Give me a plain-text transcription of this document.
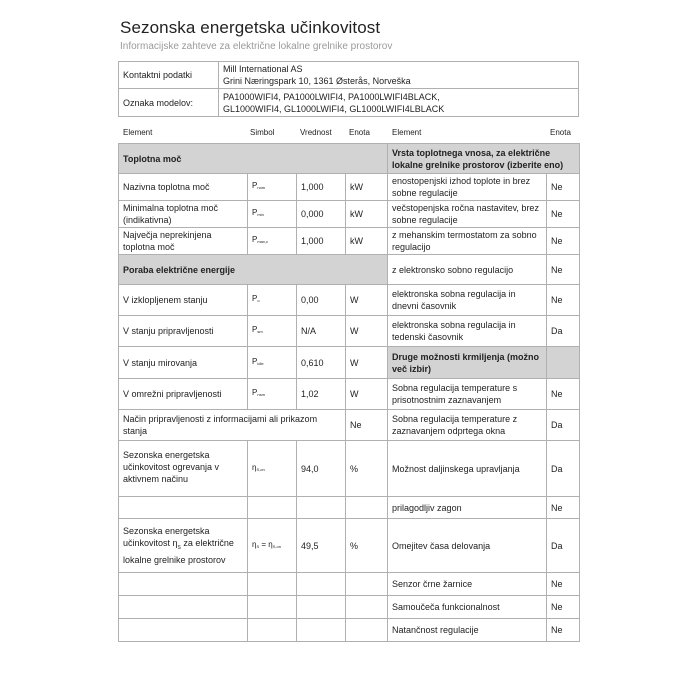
Sezonska energetska učinkovitost
Informacijske zahteve za električne lokalne grelnike prostorov
Kontaktni podatki	Mill International AS
Grini Næringspark 10, 1361 Østerås, Norveška

Oznaka modelov:	PA1000WIFI4, PA1000LWIFI4, PA1000LWIFI4BLACK,
GL1000WIFI4, GL1000LWIFI4, GL1000LWIFI4LBLACK
Element	Simbol	Vrednost Enota	Element	Enota
Toplotna moč				Vrsta toplotnega vnosa, za električne lokalne grelnike prostorov (izberite eno)	
Nazivna toplotna moč	$P_{nom}$	1,000	kW	enostopenjski izhod toplote in brez sobne regulacije	Ne
Minimalna toplotna moč (indikativna)	$P_{min}$	0,000	kW	večstopenjska ročna nastavitev, brez sobne regulacije	Ne
Največja neprekinjena toplotna moč	$P_{max,c}$	1,000	kW	z mehanskim termostatom za sobno regulacijo	Ne
Poraba električne energije				z elektronsko sobno regulacijo	Ne
V izklopljenem stanju	$P_o$	0,00	W	elektronska sobna regulacija in dnevni časovnik	Ne
V stanju pripravljenosti	$P_{sm}$	N/A	W	elektronska sobna regulacija in tedenski časovnik	Da
V stanju mirovanja	$P_{idle}$	0,610	W	Druge možnosti krmiljenja (možno več izbir)	
V omrežni pripravljenosti	$P_{nsm}$	1,02	W	Sobna regulacija temperature s prisotnostnim zaznavanjem	Ne
Način pripravljenosti z informacijami ali prikazom stanja			Ne	Sobna regulacija temperature z zaznavanjem odprtega okna	Da
Sezonska energetska učinkovitost ogrevanja v aktivnem načinu	$\eta_{S,on}$	94,0	%	Možnost daljinskega upravljanja	Da
				prilagodljiv zagon	Ne
Sezonska energetska učinkovitost $\eta_S$ za električne lokalne grelnike prostorov	$\eta_S = \eta_{S,on}$	49,5	%	Omejitev časa delovanja	Da
				Senzor črne žarnice	Ne
				Samoučeča funkcionalnost	Ne
				Natančnost regulacije	Ne
